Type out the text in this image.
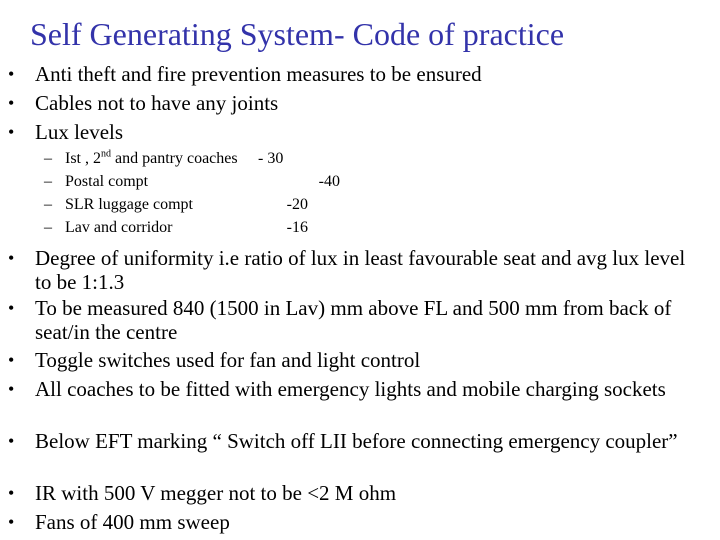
Self Generating System- Code of practice
• Anti theft and fire prevention measures to be ensured
• Cables not to have any joints
• Lux levels
– Ist , 2nd and pantry coaches - 30
– Postal compt	-40
– SLR luggage compt	-20
– Lav and corridor	-16
• Degree of uniformity i.e ratio of lux in least favourable seat and avg lux level to be 1:1.3
• To be measured 840 (1500 in Lav) mm above FL and 500 mm from back of seat/in the centre
• Toggle switches used for fan and light control
• All coaches to be fitted with emergency lights and mobile charging sockets
• Below EFT marking “ Switch off LII before connecting emergency coupler”
• IR with 500 V megger not to be <2 M ohm
• Fans of 400 mm sweep
